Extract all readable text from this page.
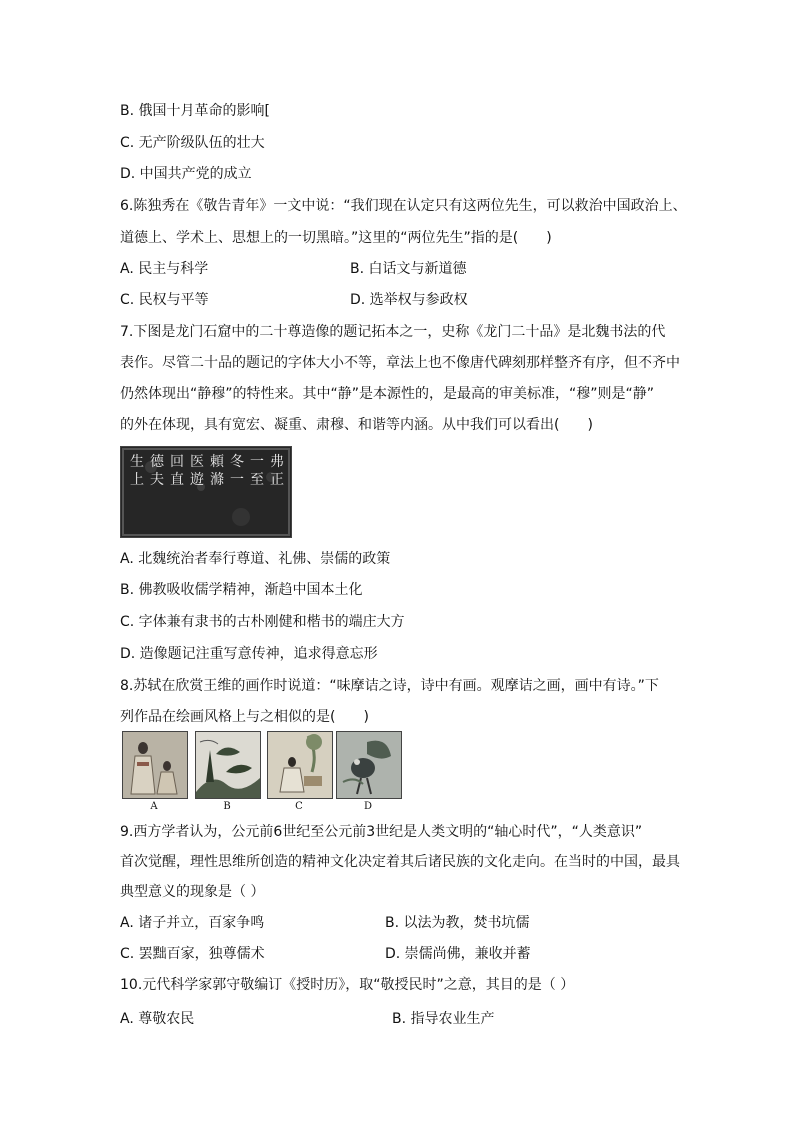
B. 俄国十月革命的影响[
C. 无产阶级队伍的壮大
D. 中国共产党的成立
6.陈独秀在《敬告青年》一文中说：“我们现在认定只有这两位先生，可以救治中国政治上、
道德上、学术上、思想上的一切黑暗。”这里的“两位先生”指的是(　　)
A. 民主与科学	B. 白话文与新道德
C. 民权与平等	D. 选举权与参政权
7.下图是龙门石窟中的二十尊造像的题记拓本之一，史称《龙门二十品》是北魏书法的代
表作。尽管二十品的题记的字体大小不等，章法上也不像唐代碑刻那样整齐有序，但不齐中
仍然体现出“静穆”的特性来。其中“静”是本源性的，是最高的审美标准，“穆”则是“静”
的外在体现，具有宽宏、凝重、肃穆、和谐等内涵。从中我们可以看出(　　)
生上
德夫
回直
医遊
頼滌
冬一
一至
弗正
A. 北魏统治者奉行尊道、礼佛、崇儒的政策
B. 佛教吸收儒学精神，渐趋中国本土化
C. 字体兼有隶书的古朴刚健和楷书的端庄大方
D. 造像题记注重写意传神，追求得意忘形
8.苏轼在欣赏王维的画作时说道：“味摩诘之诗，诗中有画。观摩诘之画，画中有诗。”下
列作品在绘画风格上与之相似的是(　　)
A	B	C	D
9.西方学者认为，公元前6世纪至公元前3世纪是人类文明的“轴心时代”，“人类意识”
首次觉醒，理性思维所创造的精神文化决定着其后诸民族的文化走向。在当时的中国，最具
典型意义的现象是（ ）
A. 诸子并立，百家争鸣	B. 以法为教，焚书坑儒
C. 罢黜百家，独尊儒术	D. 崇儒尚佛，兼收并蓄
10.元代科学家郭守敬编订《授时历》，取“敬授民时”之意，其目的是（ ）
A. 尊敬农民	B. 指导农业生产
